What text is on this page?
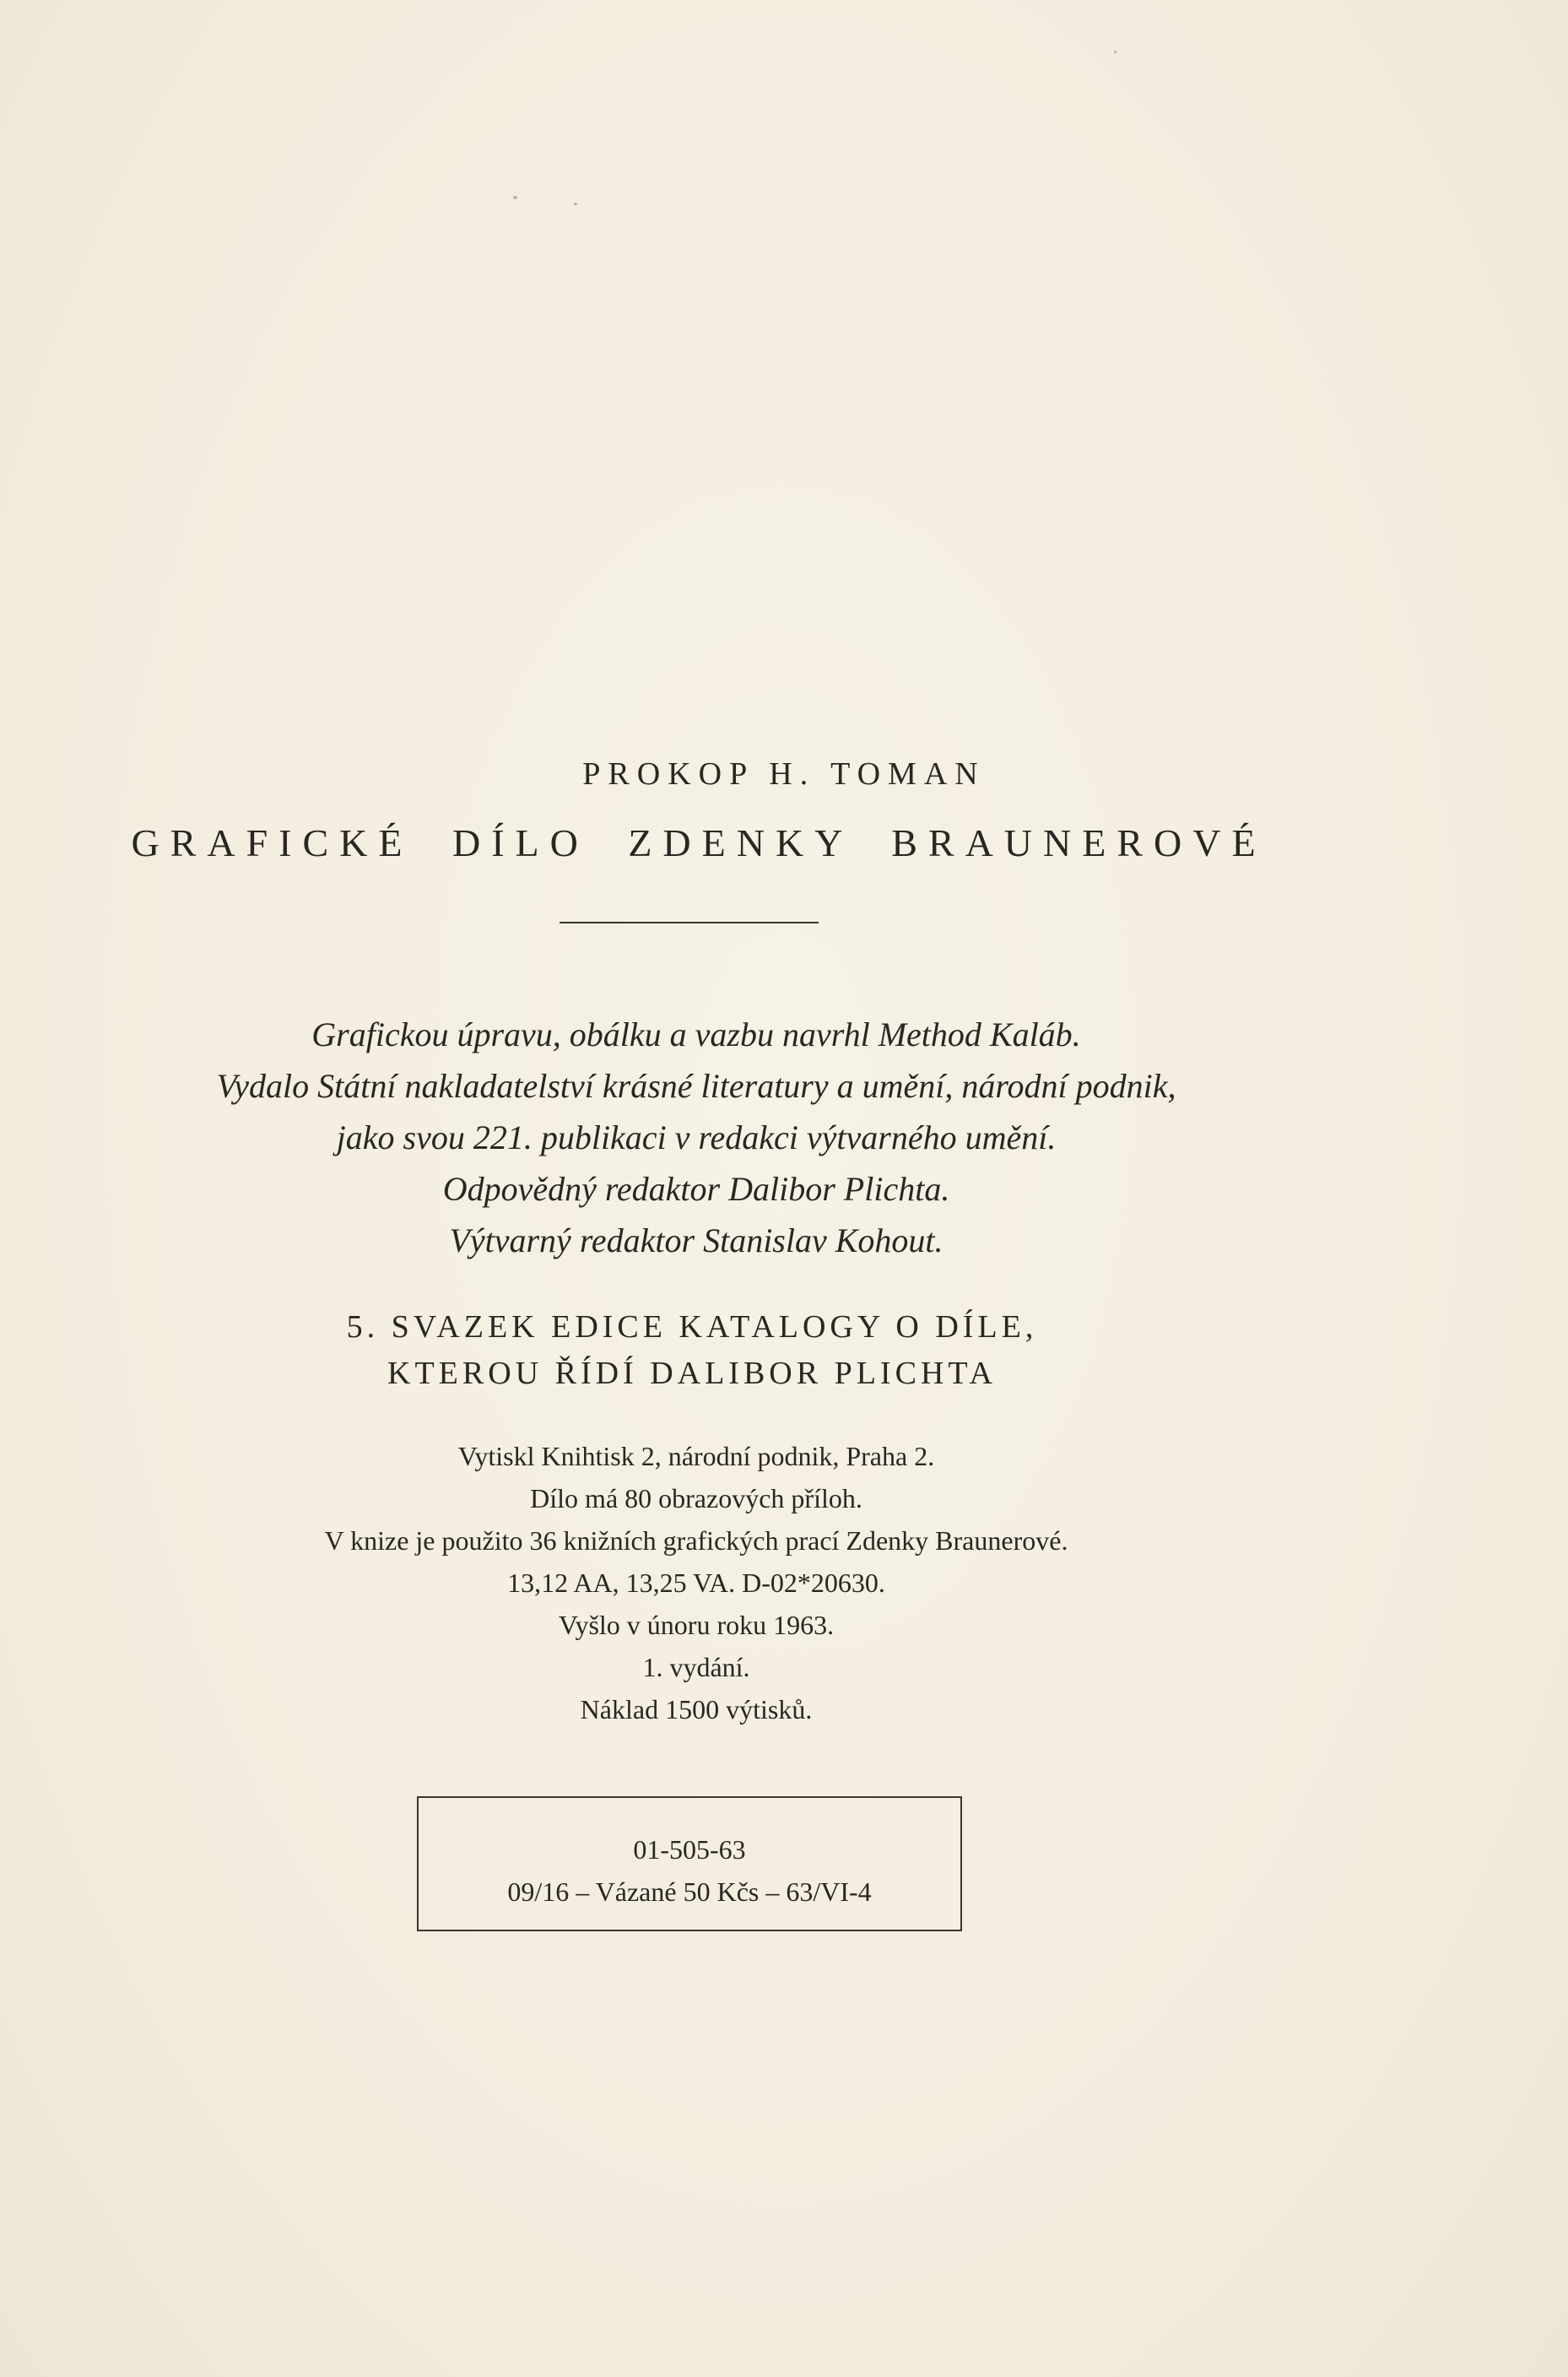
PROKOP H. TOMAN
GRAFICKÉ DÍLO ZDENKY BRAUNEROVÉ
Grafickou úpravu, obálku a vazbu navrhl Method Kaláb.
Vydalo Státní nakladatelství krásné literatury a umění, národní podnik,
jako svou 221. publikaci v redakci výtvarného umění.
Odpovědný redaktor Dalibor Plichta.
Výtvarný redaktor Stanislav Kohout.
5. SVAZEK EDICE KATALOGY O DÍLE,
KTEROU ŘÍDÍ DALIBOR PLICHTA
Vytiskl Knihtisk 2, národní podnik, Praha 2.
Dílo má 80 obrazových příloh.
V knize je použito 36 knižních grafických prací Zdenky Braunerové.
13,12 AA, 13,25 VA. D-02*20630.
Vyšlo v únoru roku 1963.
1. vydání.
Náklad 1500 výtisků.
01-505-63
09/16 – Vázané 50 Kčs – 63/VI-4
